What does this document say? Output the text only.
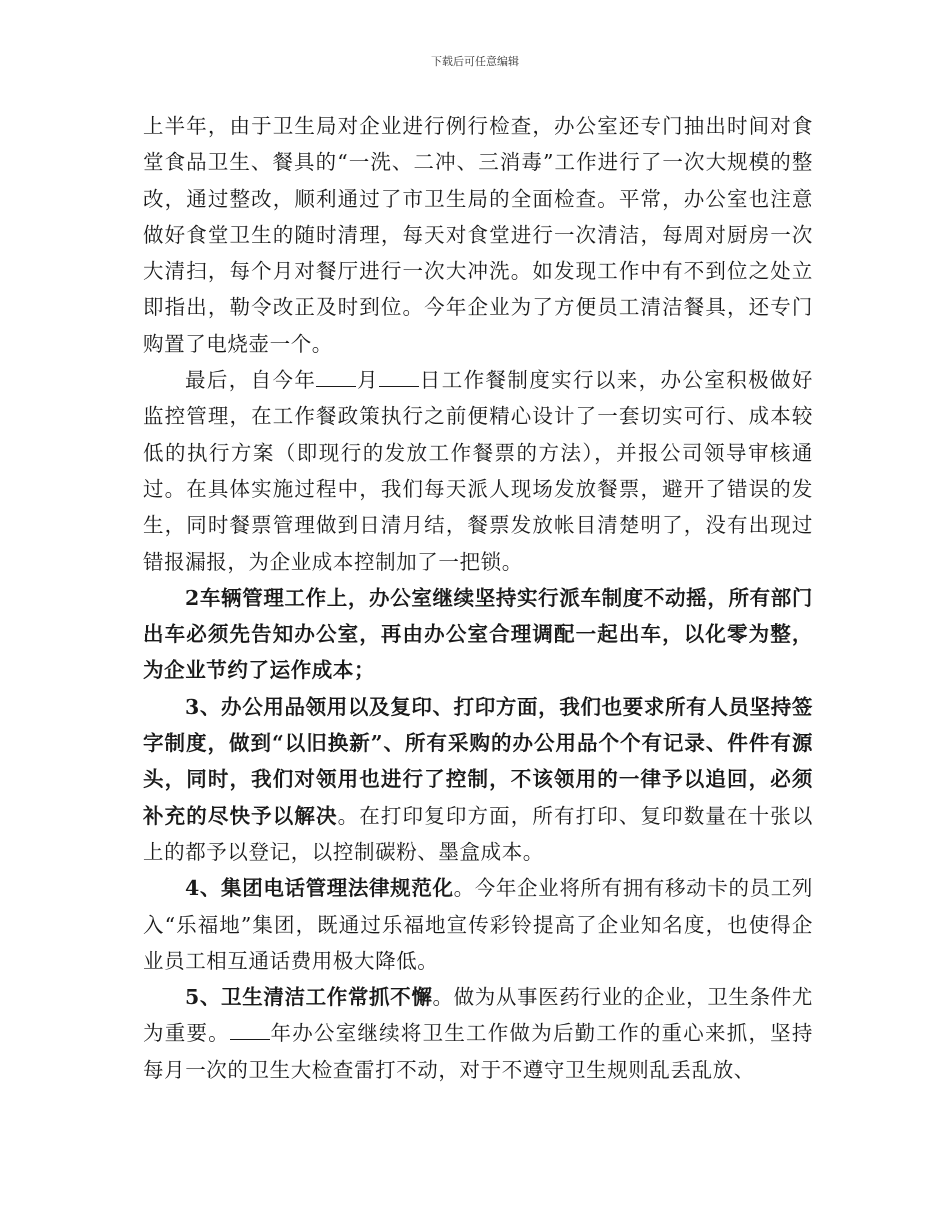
下载后可任意编辑

上半年，由于卫生局对企业进行例行检查，办公室还专门抽出时间对食堂食品卫生、餐具的“一洗、二冲、三消毒”工作进行了一次大规模的整改，通过整改，顺利通过了市卫生局的全面检查。平常，办公室也注意做好食堂卫生的随时清理，每天对食堂进行一次清洁，每周对厨房一次大清扫，每个月对餐厅进行一次大冲洗。如发现工作中有不到位之处立即指出，勒令改正及时到位。今年企业为了方便员工清洁餐具，还专门购置了电烧壶一个。

最后，自今年 月 日工作餐制度实行以来，办公室积极做好监控管理，在工作餐政策执行之前便精心设计了一套切实可行、成本较低的执行方案（即现行的发放工作餐票的方法），并报公司领导审核通过。在具体实施过程中，我们每天派人现场发放餐票，避开了错误的发生，同时餐票管理做到日清月结，餐票发放帐目清楚明了，没有出现过错报漏报，为企业成本控制加了一把锁。

2车辆管理工作上，办公室继续坚持实行派车制度不动摇，所有部门出车必须先告知办公室，再由办公室合理调配一起出车，以化零为整，为企业节约了运作成本；

3、办公用品领用以及复印、打印方面，我们也要求所有人员坚持签字制度，做到“以旧换新”、所有采购的办公用品个个有记录、件件有源头，同时，我们对领用也进行了控制，不该领用的一律予以追回，必须补充的尽快予以解决。在打印复印方面，所有打印、复印数量在十张以上的都予以登记，以控制碳粉、墨盒成本。

4、集团电话管理法律规范化。今年企业将所有拥有移动卡的员工列入“乐福地”集团，既通过乐福地宣传彩铃提高了企业知名度，也使得企业员工相互通话费用极大降低。

5、卫生清洁工作常抓不懈。做为从事医药行业的企业，卫生条件尤为重要。 年办公室继续将卫生工作做为后勤工作的重心来抓，坚持每月一次的卫生大检查雷打不动，对于不遵守卫生规则乱丢乱放、
